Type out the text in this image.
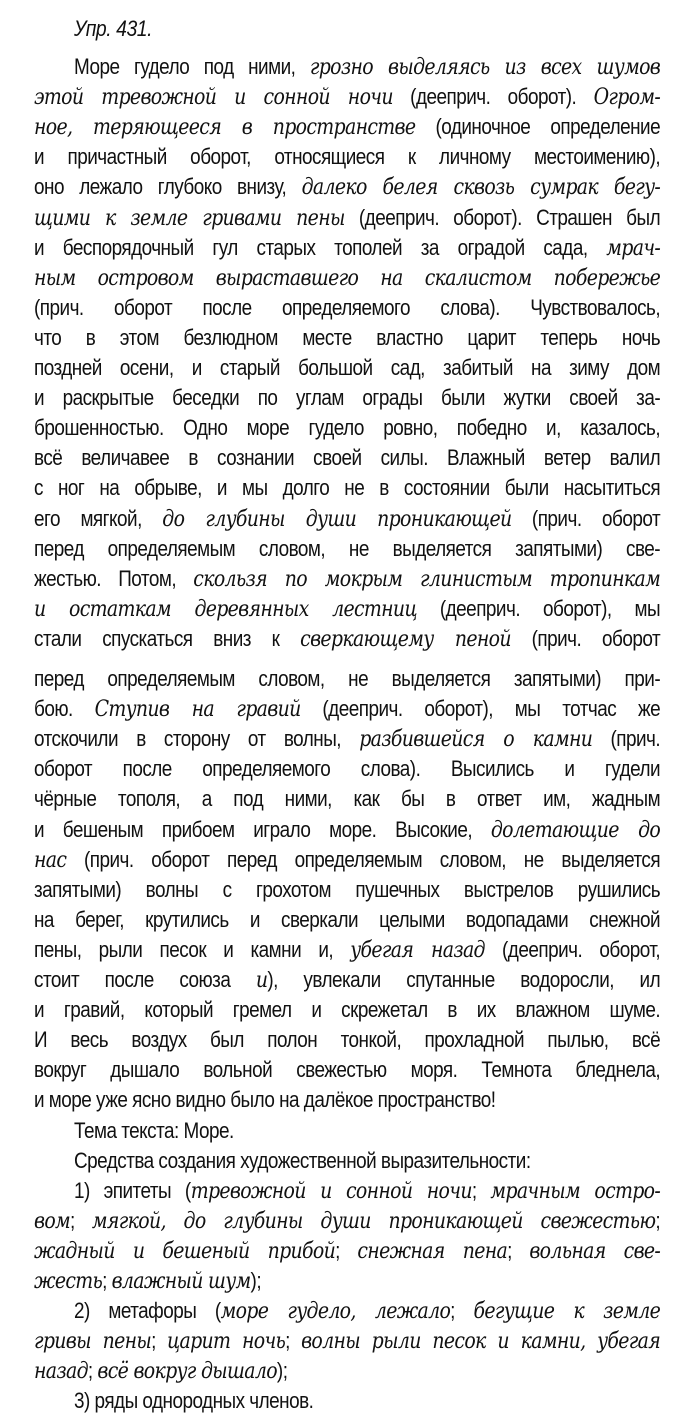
Упр. 431.
Море гудело под ними, грозно выделяясь из всех шумов
этой тревожной и сонной ночи (дееприч. оборот). Огром-
ное, теряющееся в пространстве (одиночное определение
и причастный оборот, относящиеся к личному местоимению),
оно лежало глубоко внизу, далеко белея сквозь сумрак бегу-
щими к земле гривами пены (дееприч. оборот). Страшен был
и беспорядочный гул старых тополей за оградой сада, мрач-
ным островом выраставшего на скалистом побережье
(прич. оборот после определяемого слова). Чувствовалось,
что в этом безлюдном месте властно царит теперь ночь
поздней осени, и старый большой сад, забитый на зиму дом
и раскрытые беседки по углам ограды были жутки своей за-
брошенностью. Одно море гудело ровно, победно и, казалось,
всё величавее в сознании своей силы. Влажный ветер валил
с ног на обрыве, и мы долго не в состоянии были насытиться
его мягкой, до глубины души проникающей (прич. оборот
перед определяемым словом, не выделяется запятыми) све-
жестью. Потом, скользя по мокрым глинистым тропинкам
и остаткам деревянных лестниц (дееприч. оборот), мы
стали спускаться вниз к сверкающему пеной (прич. оборот
перед определяемым словом, не выделяется запятыми) при-
бою. Ступив на гравий (дееприч. оборот), мы тотчас же
отскочили в сторону от волны, разбившейся о камни (прич.
оборот после определяемого слова). Высились и гудели
чёрные тополя, а под ними, как бы в ответ им, жадным
и бешеным прибоем играло море. Высокие, долетающие до
нас (прич. оборот перед определяемым словом, не выделяется
запятыми) волны с грохотом пушечных выстрелов рушились
на берег, крутились и сверкали целыми водопадами снежной
пены, рыли песок и камни и, убегая назад (дееприч. оборот,
стоит после союза и), увлекали спутанные водоросли, ил
и гравий, который гремел и скрежетал в их влажном шуме.
И весь воздух был полон тонкой, прохладной пылью, всё
вокруг дышало вольной свежестью моря. Темнота бледнела,
и море уже ясно видно было на далёкое пространство!
Тема текста: Море.
Средства создания художественной выразительности:
1) эпитеты (тревожной и сонной ночи; мрачным остро-
вом; мягкой, до глубины души проникающей свежестью;
жадный и бешеный прибой; снежная пена; вольная све-
жесть; влажный шум);
2) метафоры (море гудело, лежало; бегущие к земле
гривы пены; царит ночь; волны рыли песок и камни, убегая
назад; всё вокруг дышало);
3) ряды однородных членов.
